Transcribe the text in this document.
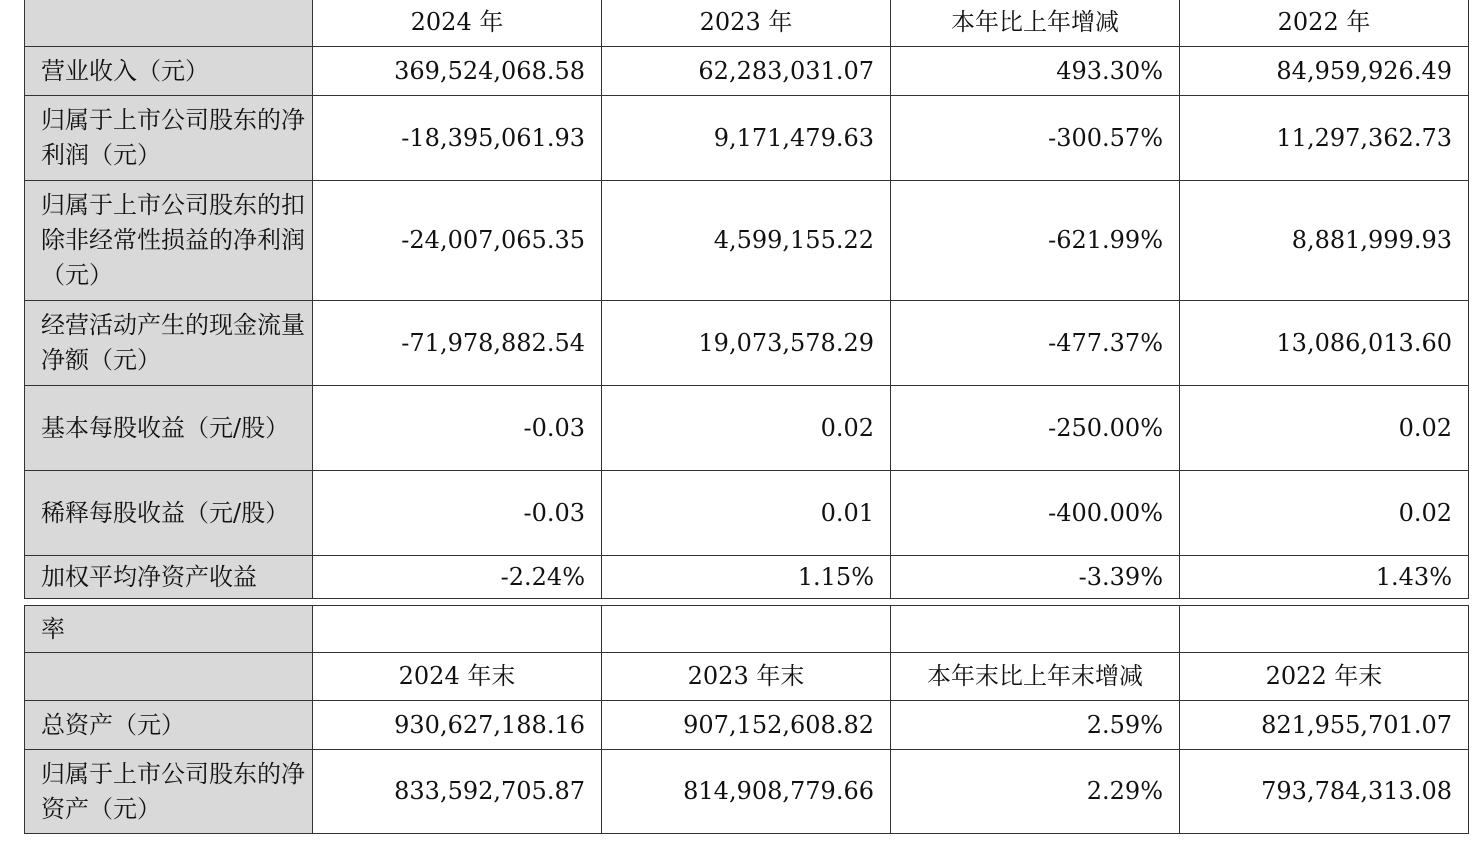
	2024 年	2023 年	本年比上年增减	2022 年
营业收入（元）	369,524,068.58	62,283,031.07	493.30%	84,959,926.49
归属于上市公司股东的净利润（元）	-18,395,061.93	9,171,479.63	-300.57%	11,297,362.73
归属于上市公司股东的扣除非经常性损益的净利润（元）	-24,007,065.35	4,599,155.22	-621.99%	8,881,999.93
经营活动产生的现金流量净额（元）	-71,978,882.54	19,073,578.29	-477.37%	13,086,013.60
基本每股收益（元/股）	-0.03	0.02	-250.00%	0.02
稀释每股收益（元/股）	-0.03	0.01	-400.00%	0.02
加权平均净资产收益	-2.24%	1.15%	-3.39%	1.43%
率				
	2024 年末	2023 年末	本年末比上年末增减	2022 年末
总资产（元）	930,627,188.16	907,152,608.82	2.59%	821,955,701.07
归属于上市公司股东的净资产（元）	833,592,705.87	814,908,779.66	2.29%	793,784,313.08
